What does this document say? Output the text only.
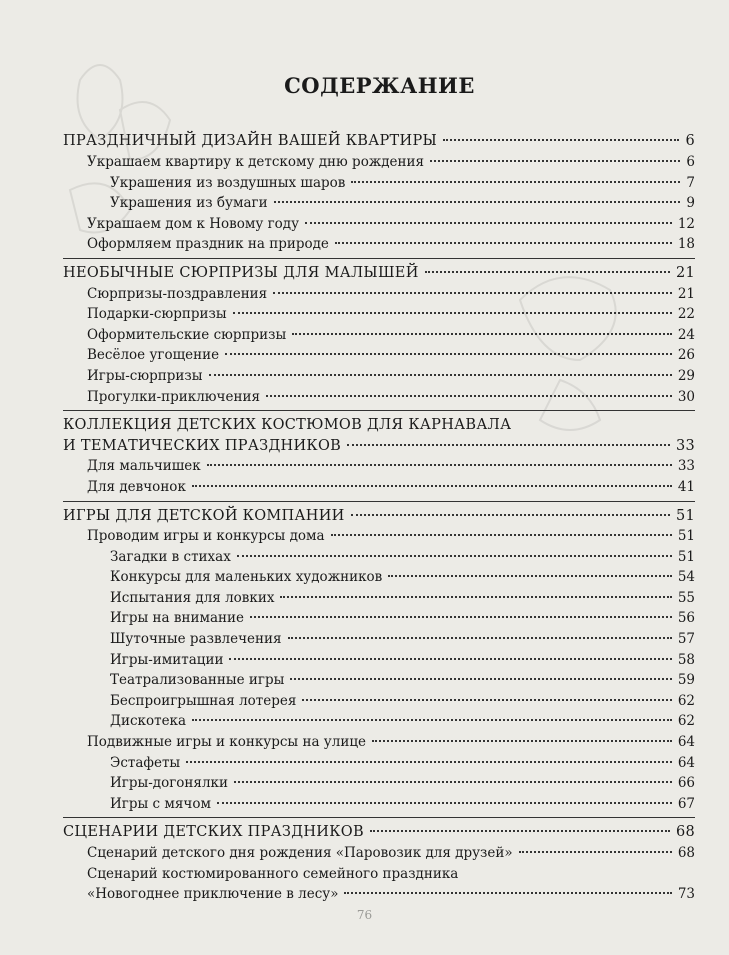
СОДЕРЖАНИЕ
ПРАЗДНИЧНЫЙ ДИЗАЙН ВАШЕЙ КВАРТИРЫ	6
Украшаем квартиру к детскому дню рождения	6
Украшения из воздушных шаров	7
Украшения из бумаги	9
Украшаем дом к Новому году	12
Оформляем праздник на природе	18
НЕОБЫЧНЫЕ СЮРПРИЗЫ ДЛЯ МАЛЫШЕЙ	21
Сюрпризы-поздравления	21
Подарки-сюрпризы	22
Оформительские сюрпризы	24
Весёлое угощение	26
Игры-сюрпризы	29
Прогулки-приключения	30
КОЛЛЕКЦИЯ ДЕТСКИХ КОСТЮМОВ ДЛЯ КАРНАВАЛА
И ТЕМАТИЧЕСКИХ ПРАЗДНИКОВ	33
Для мальчишек	33
Для девчонок	41
ИГРЫ ДЛЯ ДЕТСКОЙ КОМПАНИИ	51
Проводим игры и конкурсы дома	51
Загадки в стихах	51
Конкурсы для маленьких художников	54
Испытания для ловких	55
Игры на внимание	56
Шуточные развлечения	57
Игры-имитации	58
Театрализованные игры	59
Беспроигрышная лотерея	62
Дискотека	62
Подвижные игры и конкурсы на улице	64
Эстафеты	64
Игры-догонялки	66
Игры с мячом	67
СЦЕНАРИИ ДЕТСКИХ ПРАЗДНИКОВ	68
Сценарий детского дня рождения «Паровозик для друзей»	68
Сценарий костюмированного семейного праздника
«Новогоднее приключение в лесу»	73
76
